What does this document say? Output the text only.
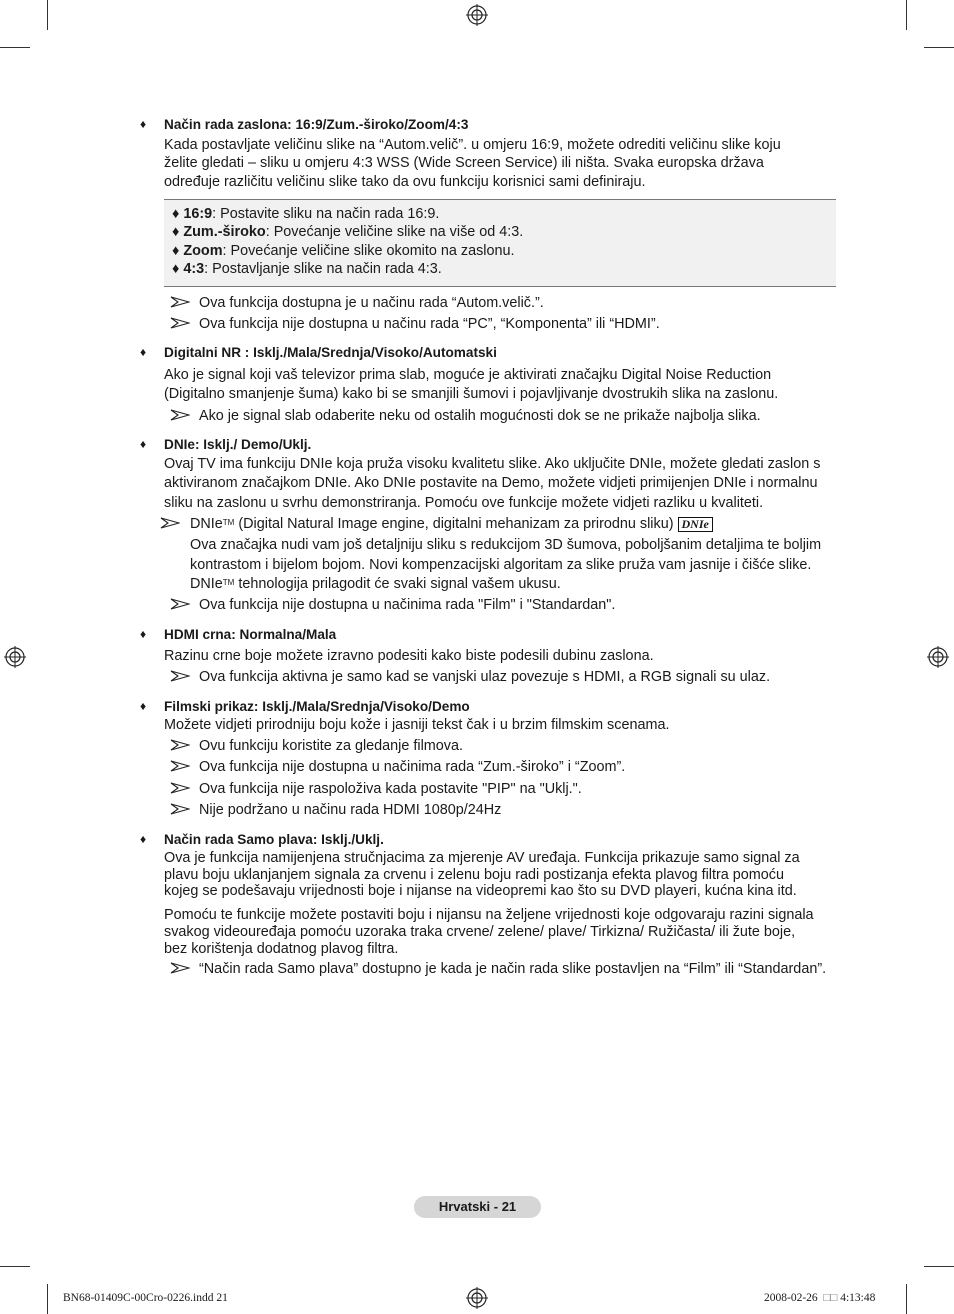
♦	Način rada zaslona: 16:9/Zum.-široko/Zoom/4:3
Kada postavljate veličinu slike na “Autom.velič”. u omjeru 16:9, možete odrediti veličinu slike koju
želite gledati – sliku u omjeru 4:3 WSS (Wide Screen Service) ili ništa. Svaka europska država
određuje različitu veličinu slike tako da ovu funkciju korisnici sami definiraju.
♦ 16:9: Postavite sliku na način rada 16:9.
♦ Zum.-široko: Povećanje veličine slike na više od 4:3.
♦ Zoom: Povećanje veličine slike okomito na zaslonu.
♦ 4:3: Postavljanje slike na način rada 4:3.
Ova funkcija dostupna je u načinu rada “Autom.velič.”.
Ova funkcija nije dostupna u načinu rada “PC”, “Komponenta” ili “HDMI”.
♦	Digitalni NR : Isklj./Mala/Srednja/Visoko/Automatski
Ako je signal koji vaš televizor prima slab, moguće je aktivirati značajku Digital Noise Reduction
(Digitalno smanjenje šuma) kako bi se smanjili šumovi i pojavljivanje dvostrukih slika na zaslonu.
Ako je signal slab odaberite neku od ostalih mogućnosti dok se ne prikaže najbolja slika.
♦	DNIe: Isklj./ Demo/Uklj.
Ovaj TV ima funkciju DNIe koja pruža visoku kvalitetu slike. Ako uključite DNIe, možete gledati zaslon s
aktiviranom značajkom DNIe. Ako DNIe postavite na Demo, možete vidjeti primijenjen DNIe i normalnu
sliku na zaslonu u svrhu demonstriranja. Pomoću ove funkcije možete vidjeti razliku u kvaliteti.
DNIe™ (Digital Natural Image engine, digitalni mehanizam za prirodnu sliku) DNIe
Ova značajka nudi vam još detaljniju sliku s redukcijom 3D šumova, poboljšanim detaljima te boljim
kontrastom i bijelom bojom. Novi kompenzacijski algoritam za slike pruža vam jasnije i čišće slike.
DNIe™ tehnologija prilagodit će svaki signal vašem ukusu.
Ova funkcija nije dostupna u načinima rada "Film" i "Standardan".
♦	HDMI crna: Normalna/Mala
Razinu crne boje možete izravno podesiti kako biste podesili dubinu zaslona.
Ova funkcija aktivna je samo kad se vanjski ulaz povezuje s HDMI, a RGB signali su ulaz.
♦	Filmski prikaz: Isklj./Mala/Srednja/Visoko/Demo
Možete vidjeti prirodniju boju kože i jasniji tekst čak i u brzim filmskim scenama.
Ovu funkciju koristite za gledanje filmova.
Ova funkcija nije dostupna u načinima rada “Zum.-široko” i “Zoom”.
Ova funkcija nije raspoloživa kada postavite "PIP" na "Uklj.".
Nije podržano u načinu rada HDMI 1080p/24Hz
♦	Način rada Samo plava: Isklj./Uklj.
Ova je funkcija namijenjena stručnjacima za mjerenje AV uređaja. Funkcija prikazuje samo signal za
plavu boju uklanjanjem signala za crvenu i zelenu boju radi postizanja efekta plavog filtra pomoću
kojeg se podešavaju vrijednosti boje i nijanse na videopremi kao što su DVD playeri, kućna kina itd.
Pomoću te funkcije možete postaviti boju i nijansu na željene vrijednosti koje odgovaraju razini signala
svakog videouređaja pomoću uzoraka traka crvene/ zelene/ plave/ Tirkizna/ Ružičasta/ ili žute boje,
bez korištenja dodatnog plavog filtra.
“Način rada Samo plava” dostupno je kada je način rada slike postavljen na “Film” ili “Standardan”.
Hrvatski - 21
BN68-01409C-00Cro-0226.indd 21	2008-02-26 □□ 4:13:48
